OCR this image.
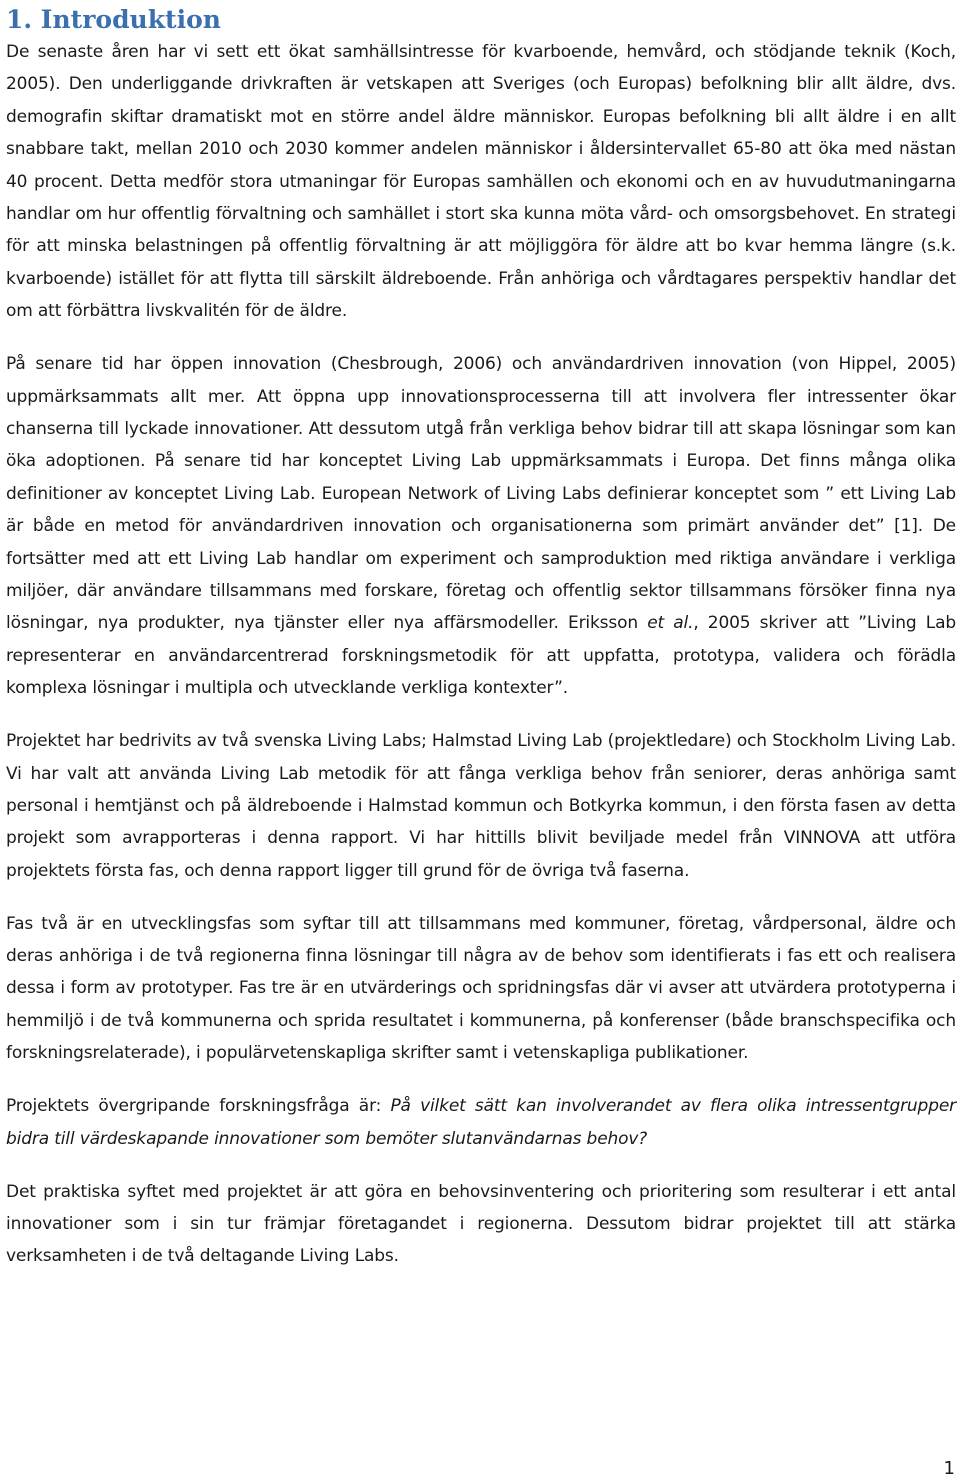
1. Introduktion

De senaste åren har vi sett ett ökat samhällsintresse för kvarboende, hemvård, och stödjande teknik (Koch, 2005). Den underliggande drivkraften är vetskapen att Sveriges (och Europas) befolkning blir allt äldre, dvs. demografin skiftar dramatiskt mot en större andel äldre människor. Europas befolkning bli allt äldre i en allt snabbare takt, mellan 2010 och 2030 kommer andelen människor i åldersintervallet 65-80 att öka med nästan 40 procent. Detta medför stora utmaningar för Europas samhällen och ekonomi och en av huvudutmaningarna handlar om hur offentlig förvaltning och samhället i stort ska kunna möta vård- och omsorgsbehovet. En strategi för att minska belastningen på offentlig förvaltning är att möjliggöra för äldre att bo kvar hemma längre (s.k. kvarboende) istället för att flytta till särskilt äldreboende. Från anhöriga och vårdtagares perspektiv handlar det om att förbättra livskvalitén för de äldre.

På senare tid har öppen innovation (Chesbrough, 2006) och användardriven innovation (von Hippel, 2005) uppmärksammats allt mer. Att öppna upp innovationsprocesserna till att involvera fler intressenter ökar chanserna till lyckade innovationer. Att dessutom utgå från verkliga behov bidrar till att skapa lösningar som kan öka adoptionen. På senare tid har konceptet Living Lab uppmärksammats i Europa. Det finns många olika definitioner av konceptet Living Lab. European Network of Living Labs definierar konceptet som ” ett Living Lab är både en metod för användardriven innovation och organisationerna som primärt använder det” [1]. De fortsätter med att ett Living Lab handlar om experiment och samproduktion med riktiga användare i verkliga miljöer, där användare tillsammans med forskare, företag och offentlig sektor tillsammans försöker finna nya lösningar, nya produkter, nya tjänster eller nya affärsmodeller. Eriksson et al., 2005 skriver att ”Living Lab representerar en användarcentrerad forskningsmetodik för att uppfatta, prototypa, validera och förädla komplexa lösningar i multipla och utvecklande verkliga kontexter”.

Projektet har bedrivits av två svenska Living Labs; Halmstad Living Lab (projektledare) och Stockholm Living Lab. Vi har valt att använda Living Lab metodik för att fånga verkliga behov från seniorer, deras anhöriga samt personal i hemtjänst och på äldreboende i Halmstad kommun och Botkyrka kommun, i den första fasen av detta projekt som avrapporteras i denna rapport. Vi har hittills blivit beviljade medel från VINNOVA att utföra projektets första fas, och denna rapport ligger till grund för de övriga två faserna.

Fas två är en utvecklingsfas som syftar till att tillsammans med kommuner, företag, vårdpersonal, äldre och deras anhöriga i de två regionerna finna lösningar till några av de behov som identifierats i fas ett och realisera dessa i form av prototyper. Fas tre är en utvärderings och spridningsfas där vi avser att utvärdera prototyperna i hemmiljö i de två kommunerna och sprida resultatet i kommunerna, på konferenser (både branschspecifika och forskningsrelaterade), i populärvetenskapliga skrifter samt i vetenskapliga publikationer.

Projektets övergripande forskningsfråga är: På vilket sätt kan involverandet av flera olika intressentgrupper bidra till värdeskapande innovationer som bemöter slutanvändarnas behov?

Det praktiska syftet med projektet är att göra en behovsinventering och prioritering som resulterar i ett antal innovationer som i sin tur främjar företagandet i regionerna. Dessutom bidrar projektet till att stärka verksamheten i de två deltagande Living Labs.

1
